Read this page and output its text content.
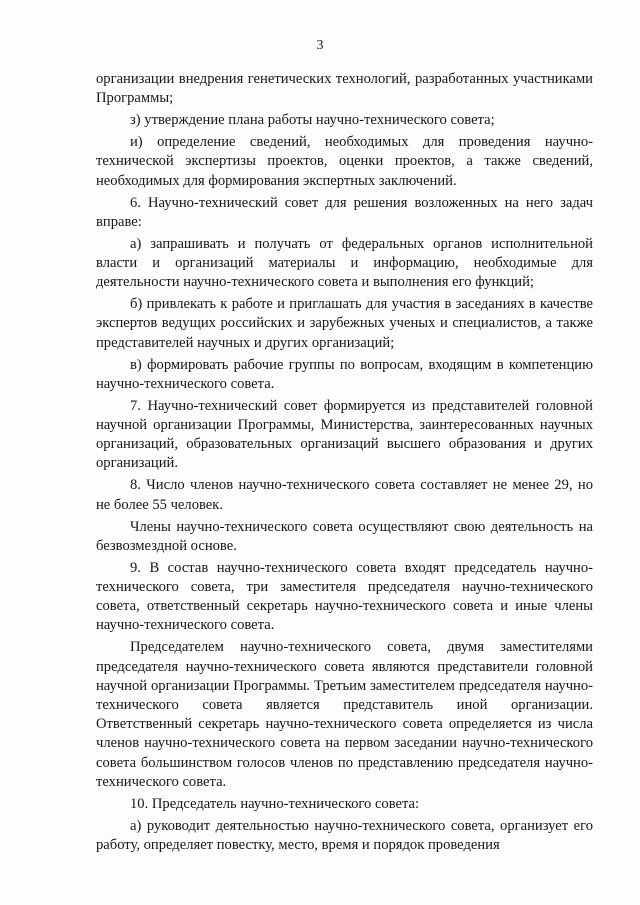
3

организации внедрения генетических технологий, разработанных участниками Программы;

з) утверждение плана работы научно-технического совета;

и) определение сведений, необходимых для проведения научно-технической экспертизы проектов, оценки проектов, а также сведений, необходимых для формирования экспертных заключений.

6. Научно-технический совет для решения возложенных на него задач вправе:

а) запрашивать и получать от федеральных органов исполнительной власти и организаций материалы и информацию, необходимые для деятельности научно-технического совета и выполнения его функций;

б) привлекать к работе и приглашать для участия в заседаниях в качестве экспертов ведущих российских и зарубежных ученых и специалистов, а также представителей научных и других организаций;

в) формировать рабочие группы по вопросам, входящим в компетенцию научно-технического совета.

7. Научно-технический совет формируется из представителей головной научной организации Программы, Министерства, заинтересованных научных организаций, образовательных организаций высшего образования и других организаций.

8. Число членов научно-технического совета составляет не менее 29, но не более 55 человек.

Члены научно-технического совета осуществляют свою деятельность на безвозмездной основе.

9. В состав научно-технического совета входят председатель научно-технического совета, три заместителя председателя научно-технического совета, ответственный секретарь научно-технического совета и иные члены научно-технического совета.

Председателем научно-технического совета, двумя заместителями председателя научно-технического совета являются представители головной научной организации Программы. Третьим заместителем председателя научно-технического совета является представитель иной организации. Ответственный секретарь научно-технического совета определяется из числа членов научно-технического совета на первом заседании научно-технического совета большинством голосов членов по представлению председателя научно-технического совета.

10. Председатель научно-технического совета:

а) руководит деятельностью научно-технического совета, организует его работу, определяет повестку, место, время и порядок проведения
